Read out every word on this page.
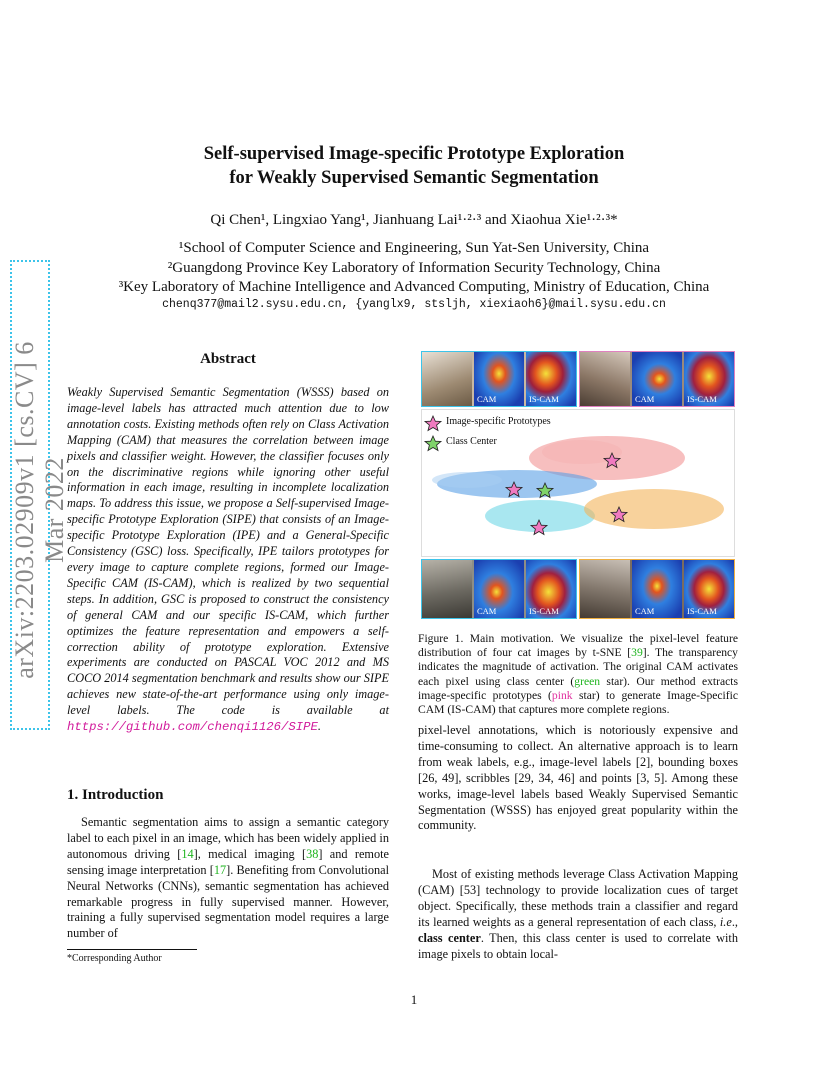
arXiv:2203.02909v1 [cs.CV] 6 Mar 2022
Self-supervised Image-specific Prototype Exploration
for Weakly Supervised Semantic Segmentation
Qi Chen¹, Lingxiao Yang¹, Jianhuang Lai¹·²·³ and Xiaohua Xie¹·²·³*
¹School of Computer Science and Engineering, Sun Yat-Sen University, China
²Guangdong Province Key Laboratory of Information Security Technology, China
³Key Laboratory of Machine Intelligence and Advanced Computing, Ministry of Education, China
chenq377@mail2.sysu.edu.cn, {yanglx9, stsljh, xiexiaoh6}@mail.sysu.edu.cn
Abstract
Weakly Supervised Semantic Segmentation (WSSS) based on image-level labels has attracted much attention due to low annotation costs. Existing methods often rely on Class Activation Mapping (CAM) that measures the correlation between image pixels and classifier weight. However, the classifier focuses only on the discriminative regions while ignoring other useful information in each image, resulting in incomplete localization maps. To address this issue, we propose a Self-supervised Image-specific Prototype Exploration (SIPE) that consists of an Image-specific Prototype Exploration (IPE) and a General-Specific Consistency (GSC) loss. Specifically, IPE tailors prototypes for every image to capture complete regions, formed our Image-Specific CAM (IS-CAM), which is realized by two sequential steps. In addition, GSC is proposed to construct the consistency of general CAM and our specific IS-CAM, which further optimizes the feature representation and empowers a self-correction ability of prototype exploration. Extensive experiments are conducted on PASCAL VOC 2012 and MS COCO 2014 segmentation benchmark and results show our SIPE achieves new state-of-the-art performance using only image-level labels. The code is available at https://github.com/chenqi1126/SIPE.
1. Introduction
Semantic segmentation aims to assign a semantic category label to each pixel in an image, which has been widely applied in autonomous driving [14], medical imaging [38] and remote sensing image interpretation [17]. Benefiting from Convolutional Neural Networks (CNNs), semantic segmentation has achieved remarkable progress in fully supervised manner. However, training a fully supervised segmentation model requires a large number of
*Corresponding Author
CAM	IS-CAM	CAM	IS-CAM
Image-specific Prototypes
Class Center
CAM	IS-CAM	CAM	IS-CAM
Figure 1. Main motivation. We visualize the pixel-level feature distribution of four cat images by t-SNE [39]. The transparency indicates the magnitude of activation. The original CAM activates each pixel using class center (green star). Our method extracts image-specific prototypes (pink star) to generate Image-Specific CAM (IS-CAM) that captures more complete regions.
pixel-level annotations, which is notoriously expensive and time-consuming to collect. An alternative approach is to learn from weak labels, e.g., image-level labels [2], bounding boxes [26, 49], scribbles [29, 34, 46] and points [3, 5]. Among these works, image-level labels based Weakly Supervised Semantic Segmentation (WSSS) has enjoyed great popularity within the community.
Most of existing methods leverage Class Activation Mapping (CAM) [53] technology to provide localization cues of target object. Specifically, these methods train a classifier and regard its learned weights as a general representation of each class, i.e., class center. Then, this class center is used to correlate with image pixels to obtain local-
1
